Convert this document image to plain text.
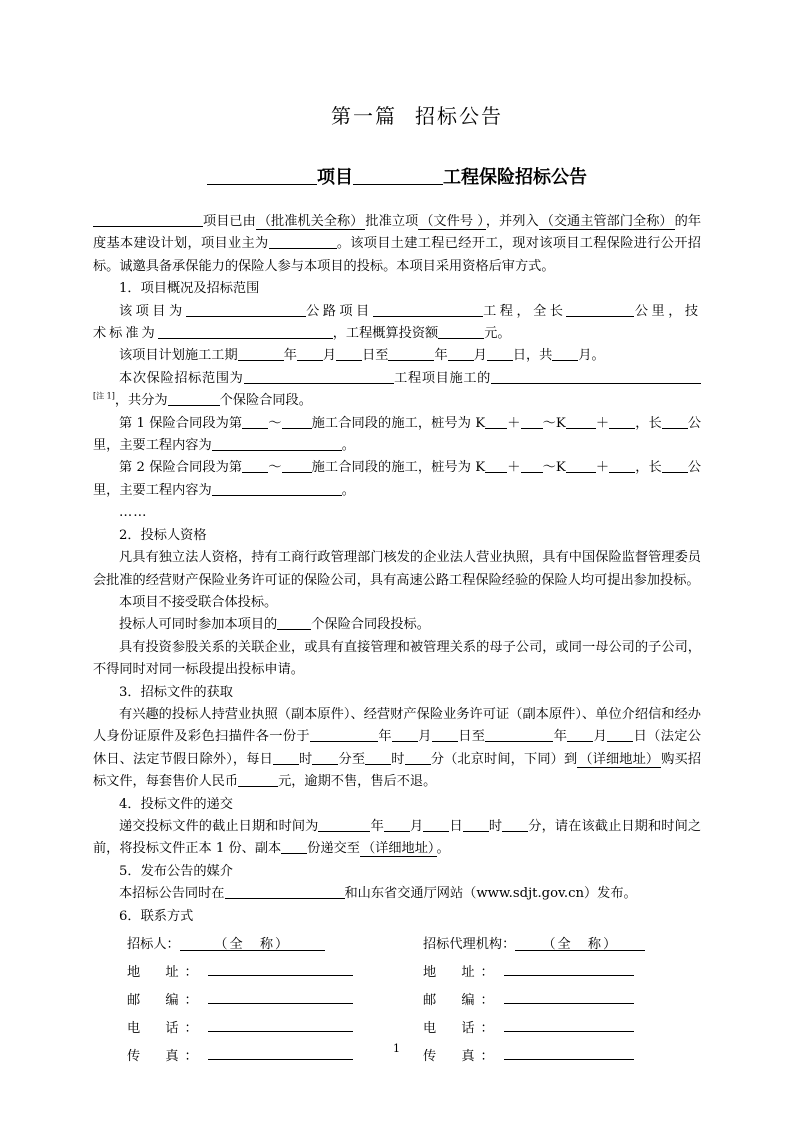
第一篇 招标公告
项目	工程保险招标公告

项目已由 （批准机关全称） 批准立项 （文件号 ） ，并列入 （交通主管部门全称） 的年度基本建设计划，项目业主为	。该项目土建工程已经开工，现对该项目工程保险进行公开招标。诚邀具备承保能力的保险人参与本项目的投标。本项目采用资格后审方式。

1．项目概况及招标范围

该项目为	公路项目	工程，全长	公里，技术标准为	，工程概算投资额	元。

该项目计划施工工期	年 月 日至	年 月 日，共 月。

本次保险招标范围为	工程项目施工的[注 1]，共分为	个保险合同段。

第 1 保险合同段为第 ～ 施工合同段的施工，桩号为 K ＋ ～K ＋ ，长 公里，主要工程内容为	。

第 2 保险合同段为第 ～ 施工合同段的施工，桩号为 K ＋ ～K ＋ ，长 公里，主要工程内容为	。

……

2．投标人资格

凡具有独立法人资格，持有工商行政管理部门核发的企业法人营业执照，具有中国保险监督管理委员会批准的经营财产保险业务许可证的保险公司，具有高速公路工程保险经验的保险人均可提出参加投标。

本项目不接受联合体投标。

投标人可同时参加本项目的	个保险合同段投标。

具有投资参股关系的关联企业，或具有直接管理和被管理关系的母子公司，或同一母公司的子公司，不得同时对同一标段提出投标申请。

3．招标文件的获取

有兴趣的投标人持营业执照（副本原件）、经营财产保险业务许可证（副本原件）、单位介绍信和经办人身份证原件及彩色扫描件各一份于	年 月 日至	年 月 日（法定公休日、法定节假日除外），每日 时 分至 时 分（北京时间，下同）到 （详细地址） 购买招标文件，每套售价人民币	元，逾期不售，售后不退。

4．投标文件的递交

递交投标文件的截止日期和时间为	年 月 日 时 分，请在该截止日期和时间之前，将投标文件正本 1 份、副本 份递交至 （详细地址） 。

5．发布公告的媒介

本招标公告同时在	和山东省交通厅网站（www.sdjt.gov.cn）发布。

6．联系方式

招标人：	（全　称）	招标代理机构：	（全　称）
地　址：	地　址：
邮　编：	邮　编：
电　话：	电　话：
传　真：	传　真：
1
